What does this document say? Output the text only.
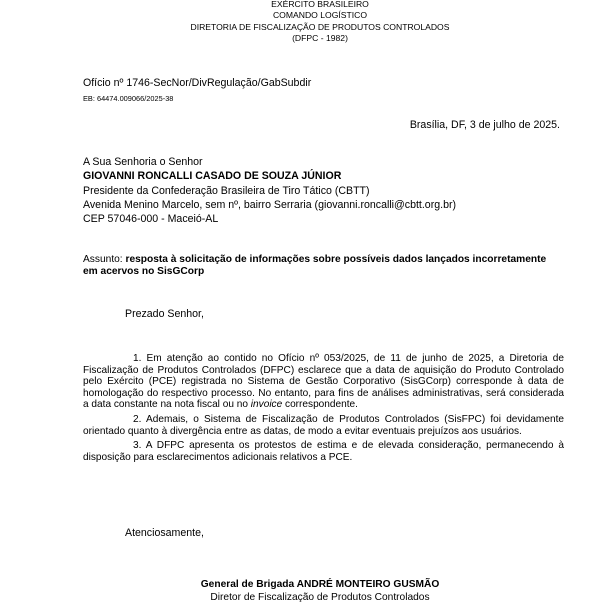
EXÉRCITO BRASILEIRO
COMANDO LOGÍSTICO
DIRETORIA DE FISCALIZAÇÃO DE PRODUTOS CONTROLADOS
(DFPC - 1982)
Ofício nº 1746-SecNor/DivRegulação/GabSubdir
EB: 64474.009066/2025-38
Brasília, DF, 3 de julho de 2025.
A Sua Senhoria o Senhor
GIOVANNI RONCALLI CASADO DE SOUZA JÚNIOR
Presidente da Confederação Brasileira de Tiro Tático (CBTT)
Avenida Menino Marcelo, sem nº, bairro Serraria (giovanni.roncalli@cbtt.org.br)
CEP 57046-000 - Maceió-AL
Assunto: resposta à solicitação de informações sobre possíveis dados lançados incorretamente em acervos no SisGCorp
Prezado Senhor,

1. Em atenção ao contido no Ofício nº 053/2025, de 11 de junho de 2025, a Diretoria de Fiscalização de Produtos Controlados (DFPC) esclarece que a data de aquisição do Produto Controlado pelo Exército (PCE) registrada no Sistema de Gestão Corporativo (SisGCorp) corresponde à data de homologação do respectivo processo. No entanto, para fins de análises administrativas, será considerada a data constante na nota fiscal ou no invoice correspondente.

2. Ademais, o Sistema de Fiscalização de Produtos Controlados (SisFPC) foi devidamente orientado quanto à divergência entre as datas, de modo a evitar eventuais prejuízos aos usuários.

3. A DFPC apresenta os protestos de estima e de elevada consideração, permanecendo à disposição para esclarecimentos adicionais relativos a PCE.

Atenciosamente,
General de Brigada ANDRÉ MONTEIRO GUSMÃO
Diretor de Fiscalização de Produtos Controlados
